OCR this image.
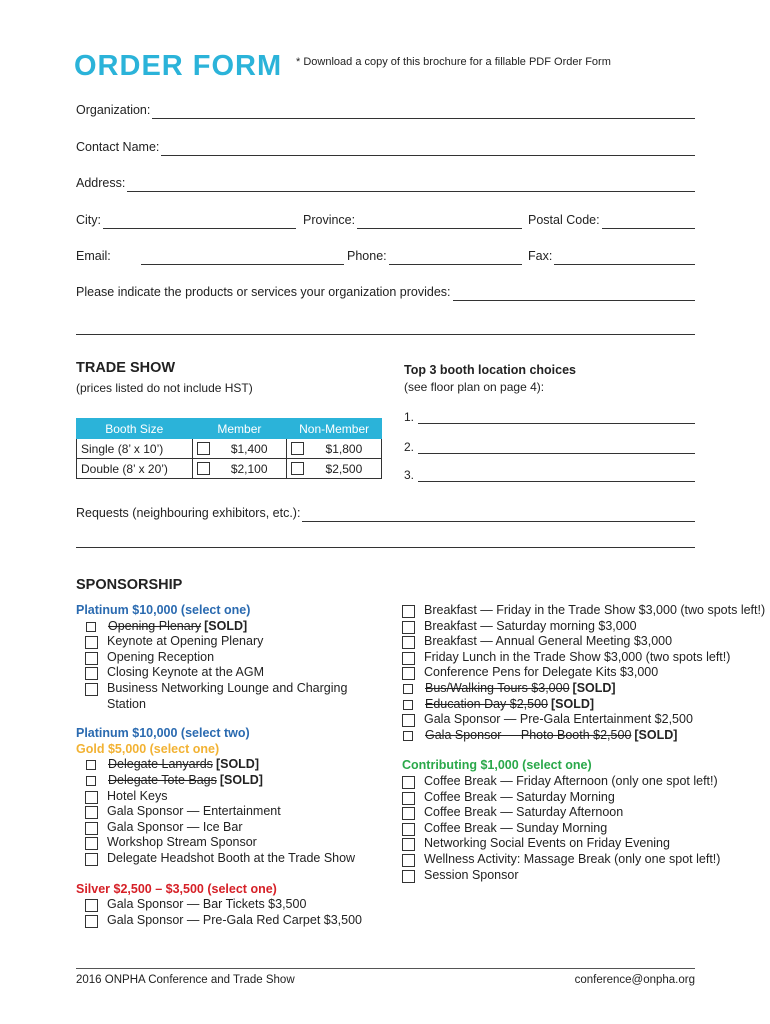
ORDER FORM * Download a copy of this brochure for a fillable PDF Order Form
Organization:
Contact Name:
Address:
City:	Province:	Postal Code:
Email:	Phone:	Fax:
Please indicate the products or services your organization provides:
TRADE SHOW
(prices listed do not include HST)
Booth Size	Member	Non-Member
Single (8’ x 10’)	$1,400	$1,800
Double (8’ x 20’)	$2,100	$2,500
Top 3 booth location choices
(see floor plan on page 4):
1.
2.
3.
Requests (neighbouring exhibitors, etc.):
SPONSORSHIP
Platinum $10,000 (select one)
Opening Plenary [SOLD]
Keynote at Opening Plenary
Opening Reception
Closing Keynote at the AGM
Business Networking Lounge and Charging Station
Platinum $10,000 (select two)
Gold $5,000 (select one)
Delegate Lanyards [SOLD]
Delegate Tote Bags [SOLD]
Hotel Keys
Gala Sponsor — Entertainment
Gala Sponsor — Ice Bar
Workshop Stream Sponsor
Delegate Headshot Booth at the Trade Show
Silver $2,500 – $3,500 (select one)
Gala Sponsor — Bar Tickets $3,500
Gala Sponsor — Pre-Gala Red Carpet $3,500
Breakfast — Friday in the Trade Show $3,000 (two spots left!)
Breakfast — Saturday morning $3,000
Breakfast — Annual General Meeting $3,000
Friday Lunch in the Trade Show $3,000 (two spots left!)
Conference Pens for Delegate Kits $3,000
Bus/Walking Tours $3,000 [SOLD]
Education Day $2,500 [SOLD]
Gala Sponsor — Pre-Gala Entertainment $2,500
Gala Sponsor — Photo Booth $2,500 [SOLD]
Contributing $1,000 (select one)
Coffee Break — Friday Afternoon (only one spot left!)
Coffee Break — Saturday Morning
Coffee Break — Saturday Afternoon
Coffee Break — Sunday Morning
Networking Social Events on Friday Evening
Wellness Activity: Massage Break (only one spot left!)
Session Sponsor
2016 ONPHA Conference and Trade Show	conference@onpha.org
